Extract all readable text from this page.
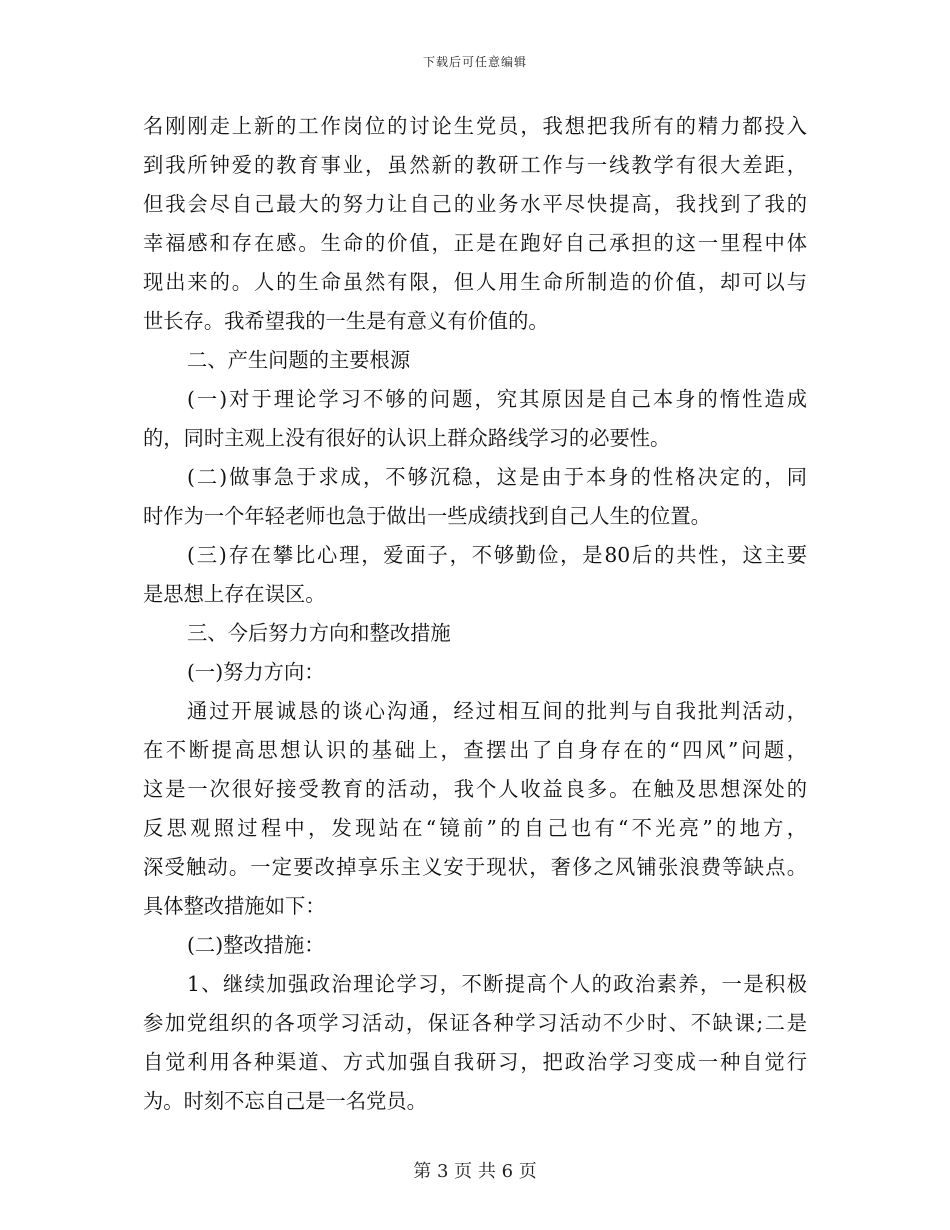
下载后可任意编辑
名刚刚走上新的工作岗位的讨论生党员，我想把我所有的精力都投入
到我所钟爱的教育事业，虽然新的教研工作与一线教学有很大差距，
但我会尽自己最大的努力让自己的业务水平尽快提高，我找到了我的
幸福感和存在感。生命的价值，正是在跑好自己承担的这一里程中体
现出来的。人的生命虽然有限，但人用生命所制造的价值，却可以与
世长存。我希望我的一生是有意义有价值的。
二、产生问题的主要根源
(一)对于理论学习不够的问题，究其原因是自己本身的惰性造成
的，同时主观上没有很好的认识上群众路线学习的必要性。
(二)做事急于求成，不够沉稳，这是由于本身的性格决定的，同
时作为一个年轻老师也急于做出一些成绩找到自己人生的位置。
(三)存在攀比心理，爱面子，不够勤俭，是80后的共性，这主要
是思想上存在误区。
三、今后努力方向和整改措施
(一)努力方向：
通过开展诚恳的谈心沟通，经过相互间的批判与自我批判活动，
在不断提高思想认识的基础上，查摆出了自身存在的“四风”问题，
这是一次很好接受教育的活动，我个人收益良多。在触及思想深处的
反思观照过程中，发现站在“镜前”的自己也有“不光亮”的地方，
深受触动。一定要改掉享乐主义安于现状，奢侈之风铺张浪费等缺点。
具体整改措施如下：
(二)整改措施：
1、继续加强政治理论学习，不断提高个人的政治素养，一是积极
参加党组织的各项学习活动，保证各种学习活动不少时、不缺课;二是
自觉利用各种渠道、方式加强自我研习，把政治学习变成一种自觉行
为。时刻不忘自己是一名党员。
第 3 页 共 6 页
